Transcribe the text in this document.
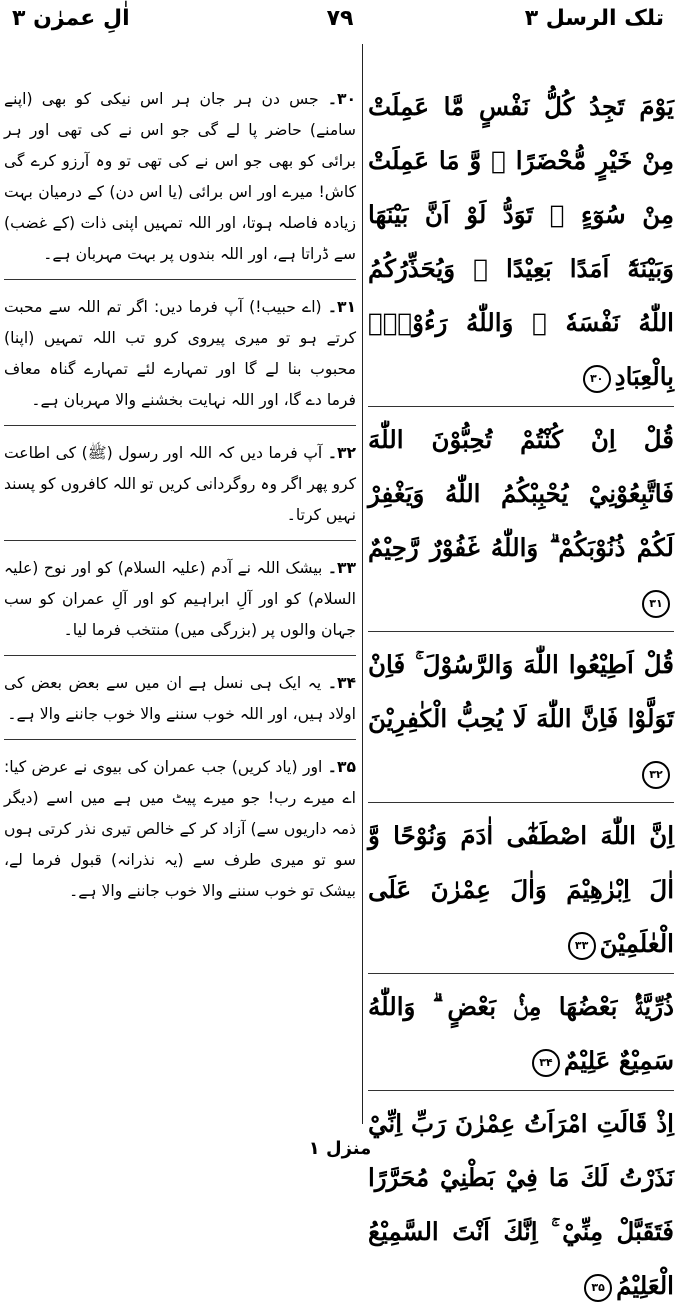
اٰلِ عمرٰن ۳	۷۹	تلک الرسل ۳

۳۰۔ جس دن ہر جان ہر اس نیکی کو بھی (اپنے سامنے) حاضر پا لے گی جو اس نے کی تھی اور ہر برائی کو بھی جو اس نے کی تھی تو وہ آرزو کرے گی کاش! میرے اور اس برائی (یا اس دن) کے درمیان بہت زیادہ فاصلہ ہوتا، اور اللہ تمہیں اپنی ذات (کے غضب) سے ڈراتا ہے، اور اللہ بندوں پر بہت مہربان ہے۔

۳۱۔ (اے حبیب!) آپ فرما دیں: اگر تم اللہ سے محبت کرتے ہو تو میری پیروی کرو تب اللہ تمہیں (اپنا) محبوب بنا لے گا اور تمہارے لئے تمہارے گناہ معاف فرما دے گا، اور اللہ نہایت بخشنے والا مہربان ہے۔

۳۲۔ آپ فرما دیں کہ اللہ اور رسول (ﷺ) کی اطاعت کرو پھر اگر وہ روگردانی کریں تو اللہ کافروں کو پسند نہیں کرتا۔

۳۳۔ بیشک اللہ نے آدم (علیہ السلام) کو اور نوح (علیہ السلام) کو اور آلِ ابراہیم کو اور آلِ عمران کو سب جہان والوں پر (بزرگی میں) منتخب فرما لیا۔

۳۴۔ یہ ایک ہی نسل ہے ان میں سے بعض بعض کی اولاد ہیں، اور اللہ خوب سننے والا خوب جاننے والا ہے۔

۳۵۔ اور (یاد کریں) جب عمران کی بیوی نے عرض کیا: اے میرے رب! جو میرے پیٹ میں ہے میں اسے (دیگر ذمہ داریوں سے) آزاد کر کے خالص تیری نذر کرتی ہوں سو تو میری طرف سے (یہ نذرانہ) قبول فرما لے، بیشک تو خوب سننے والا خوب جاننے والا ہے۔

يَوْمَ تَجِدُ كُلُّ نَفْسٍ مَّا عَمِلَتْ مِنْ خَيْرٍ مُّحْضَرًا ۚ وَّ مَا عَمِلَتْ مِنْ سُوٓءٍ ۚ تَوَدُّ لَوْ اَنَّ بَيْنَهَا وَبَيْنَهٗٓ اَمَدًا بَعِيْدًا ۗ وَيُحَذِّرُكُمُ اللّٰهُ نَفْسَهٗ ۗ وَاللّٰهُ رَءُوْفٌۢ بِالْعِبَادِ۳۰

قُلْ اِنْ كُنْتُمْ تُحِبُّوْنَ اللّٰهَ فَاتَّبِعُوْنِيْ يُحْبِبْكُمُ اللّٰهُ وَيَغْفِرْ لَكُمْ ذُنُوْبَكُمْ ۗ وَاللّٰهُ غَفُوْرٌ رَّحِيْمٌ۳۱

قُلْ اَطِيْعُوا اللّٰهَ وَالرَّسُوْلَ ۚ فَاِنْ تَوَلَّوْا فَاِنَّ اللّٰهَ لَا يُحِبُّ الْكٰفِرِيْنَ۳۲

اِنَّ اللّٰهَ اصْطَفٰٓى اٰدَمَ وَنُوْحًا وَّ اٰلَ اِبْرٰهِيْمَ وَاٰلَ عِمْرٰنَ عَلَى الْعٰلَمِيْنَ۳۳

ذُرِّيَّةًۢ بَعْضُهَا مِنْۢ بَعْضٍ ۗ وَاللّٰهُ سَمِيْعٌ عَلِيْمٌ۳۴

اِذْ قَالَتِ امْرَاَتُ عِمْرٰنَ رَبِّ اِنِّيْ نَذَرْتُ لَكَ مَا فِيْ بَطْنِيْ مُحَرَّرًا فَتَقَبَّلْ مِنِّيْ ۚ اِنَّكَ اَنْتَ السَّمِيْعُ الْعَلِيْمُ۳۵

منزل ۱
